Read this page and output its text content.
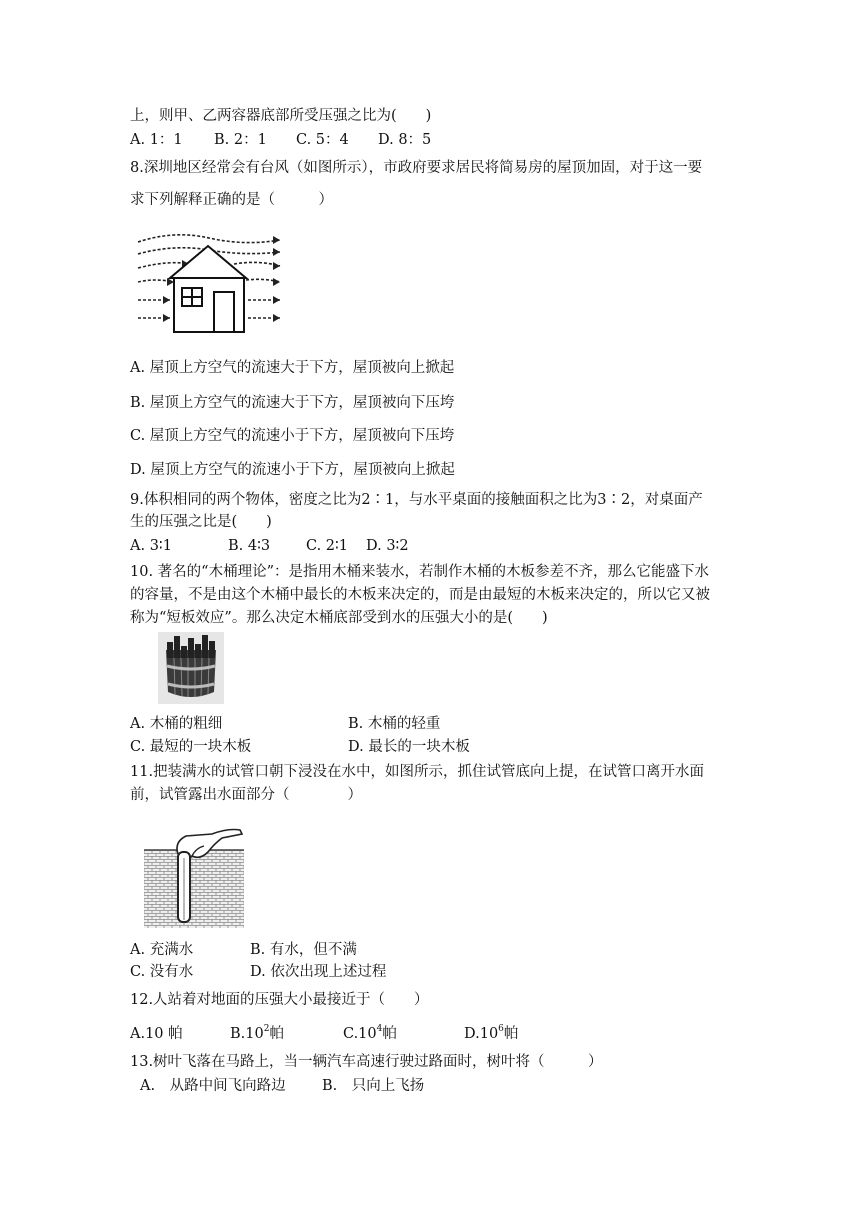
上，则甲、乙两容器底部所受压强之比为(　　)
A. 1：1 B. 2：1 C. 5：4 D. 8：5
8.深圳地区经常会有台风（如图所示），市政府要求居民将简易房的屋顶加固，对于这一要
求下列解释正确的是（　　　）
A. 屋顶上方空气的流速大于下方，屋顶被向上掀起
B. 屋顶上方空气的流速大于下方，屋顶被向下压垮
C. 屋顶上方空气的流速小于下方，屋顶被向下压垮
D. 屋顶上方空气的流速小于下方，屋顶被向上掀起
9.体积相同的两个物体，密度之比为2∶1，与水平桌面的接触面积之比为3∶2，对桌面产
生的压强之比是(　　)
A. 3∶1	B. 4∶3 C. 2∶1 D. 3∶2
10. 著名的“木桶理论”：是指用木桶来装水，若制作木桶的木板参差不齐，那么它能盛下水
的容量，不是由这个木桶中最长的木板来决定的，而是由最短的木板来决定的，所以它又被
称为“短板效应”。那么决定木桶底部受到水的压强大小的是(　　)
A. 木桶的粗细	B. 木桶的轻重
C. 最短的一块木板	D. 最长的一块木板
11.把装满水的试管口朝下浸没在水中，如图所示，抓住试管底向上提，在试管口离开水面
前，试管露出水面部分（　　　　）
A. 充满水	B. 有水，但不满
C. 没有水	D. 依次出现上述过程
12.人站着对地面的压强大小最接近于（　　）
A.10 帕	$B.10^2$帕	$C.10^4$帕	$D.10^6$帕
13.树叶飞落在马路上，当一辆汽车高速行驶过路面时，树叶将（　　　）
A.　从路中间飞向路边	B.　只向上飞扬
